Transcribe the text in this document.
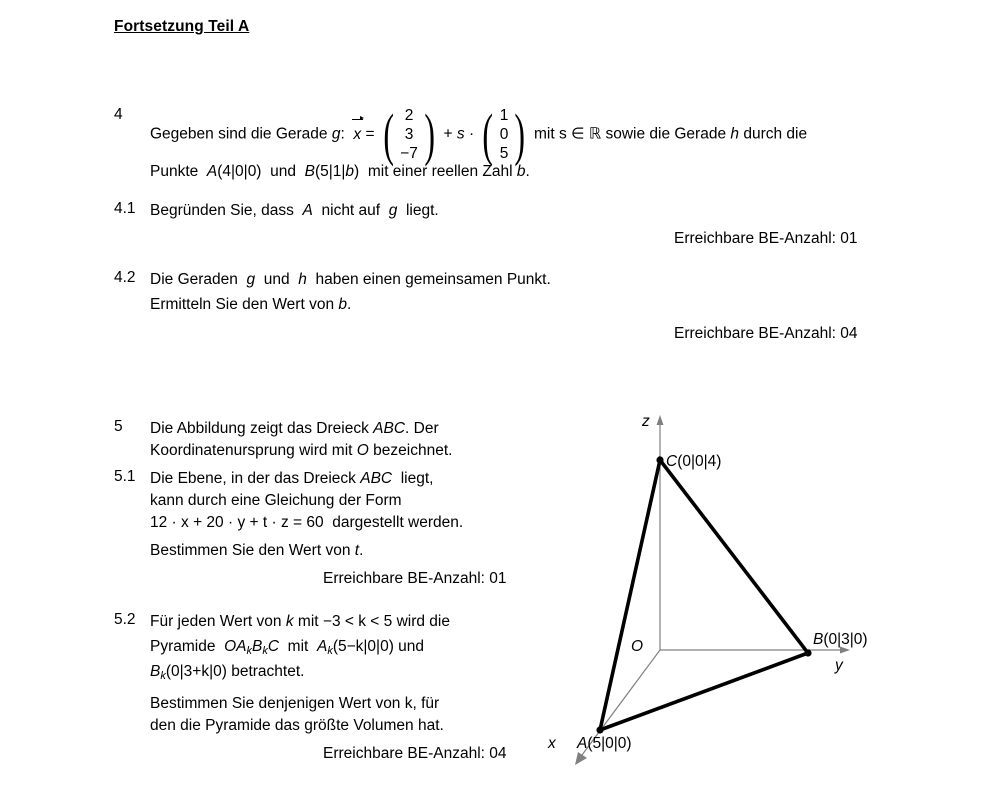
Fortsetzung Teil A
4
Gegeben sind die Gerade g: x = ( 2
3
−7 ) + s · ( 1
0
5 ) mit s ∈ ℝ sowie die Gerade h durch die
Punkte A(4|0|0) und B(5|1|b) mit einer reellen Zahl b.
4.1 Begründen Sie, dass A nicht auf g liegt.
Erreichbare BE-Anzahl: 01
4.2 Die Geraden g und h haben einen gemeinsamen Punkt.
Ermitteln Sie den Wert von b.
Erreichbare BE-Anzahl: 04
5 Die Abbildung zeigt das Dreieck ABC. Der
Koordinatenursprung wird mit O bezeichnet.
5.1 Die Ebene, in der das Dreieck ABC liegt,
kann durch eine Gleichung der Form
12 · x + 20 · y + t · z = 60 dargestellt werden.
Bestimmen Sie den Wert von t.
Erreichbare BE-Anzahl: 01
5.2 Für jeden Wert von k mit −3 < k < 5 wird die
Pyramide $OA_kB_kC$ mit $A_k(5-k|0|0)$ und
$B_k(0|3+k|0)$ betrachtet.
Bestimmen Sie denjenigen Wert von k, für
den die Pyramide das größte Volumen hat.
Erreichbare BE-Anzahl: 04
z
y
x
O
C(0|0|4)
B(0|3|0)
A(5|0|0)
